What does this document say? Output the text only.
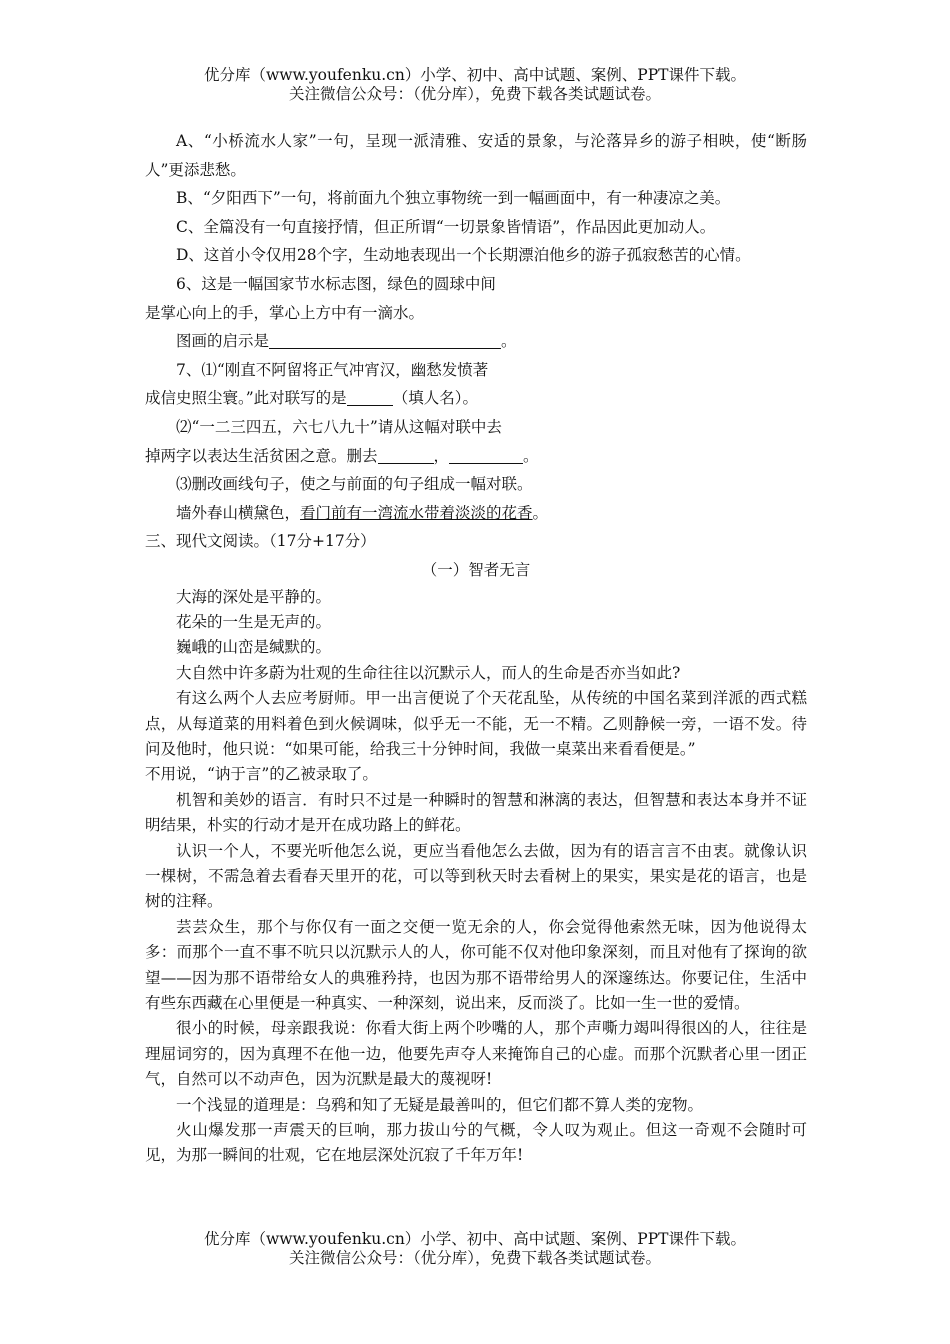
优分库（www.youfenku.cn）小学、初中、高中试题、案例、PPT课件下载。
关注微信公众号：（优分库），免费下载各类试题试卷。

A、“小桥流水人家”一句，呈现一派清雅、安适的景象，与沦落异乡的游子相映，使“断肠人”更添悲愁。

B、“夕阳西下”一句，将前面九个独立事物统一到一幅画面中，有一种凄凉之美。

C、全篇没有一句直接抒情，但正所谓“一切景象皆情语”，作品因此更加动人。

D、这首小令仅用28个字，生动地表现出一个长期漂泊他乡的游子孤寂愁苦的心情。

6、这是一幅国家节水标志图，绿色的圆球中间

是掌心向上的手，掌心上方中有一滴水。

图画的启示是	。

7、⑴“刚直不阿留将正气冲宵汉，幽愁发愤著

成信史照尘寰。”此对联写的是	（填人名）。

⑵“一二三四五，六七八九十”请从这幅对联中去

掉两字以表达生活贫困之意。删去	，	。

⑶删改画线句子，使之与前面的句子组成一幅对联。

墙外春山横黛色，看门前有一湾流水带着淡淡的花香。

三、现代文阅读。（17分+17分）

（一）智者无言

大海的深处是平静的。

花朵的一生是无声的。

巍峨的山峦是缄默的。

大自然中许多蔚为壮观的生命往往以沉默示人，而人的生命是否亦当如此?

有这么两个人去应考厨师。甲一出言便说了个天花乱坠，从传统的中国名菜到洋派的西式糕点，从每道菜的用料着色到火候调味，似乎无一不能，无一不精。乙则静候一旁，一语不发。待问及他时，他只说：“如果可能，给我三十分钟时间，我做一桌菜出来看看便是。”

不用说，“讷于言”的乙被录取了。

机智和美妙的语言．有时只不过是一种瞬时的智慧和淋漓的表达，但智慧和表达本身并不证明结果，朴实的行动才是开在成功路上的鲜花。

认识一个人，不要光听他怎么说，更应当看他怎么去做，因为有的语言言不由衷。就像认识一棵树，不需急着去看春天里开的花，可以等到秋天时去看树上的果实，果实是花的语言，也是树的注释。

芸芸众生，那个与你仅有一面之交便一览无余的人，你会觉得他索然无味，因为他说得太多：而那个一直不事不吭只以沉默示人的人，你可能不仅对他印象深刻，而且对他有了探询的欲望——因为那不语带给女人的典雅矜持，也因为那不语带给男人的深邃练达。你要记住，生活中有些东西藏在心里便是一种真实、一种深刻，说出来，反而淡了。比如一生一世的爱情。

很小的时候，母亲跟我说：你看大街上两个吵嘴的人，那个声嘶力竭叫得很凶的人，往往是理屈词穷的，因为真理不在他一边，他要先声夺人来掩饰自己的心虚。而那个沉默者心里一团正气，自然可以不动声色，因为沉默是最大的蔑视呀!

一个浅显的道理是：乌鸦和知了无疑是最善叫的，但它们都不算人类的宠物。

火山爆发那一声震天的巨响，那力拔山兮的气概，令人叹为观止。但这一奇观不会随时可见，为那一瞬间的壮观，它在地层深处沉寂了千年万年!

优分库（www.youfenku.cn）小学、初中、高中试题、案例、PPT课件下载。
关注微信公众号：（优分库），免费下载各类试题试卷。
